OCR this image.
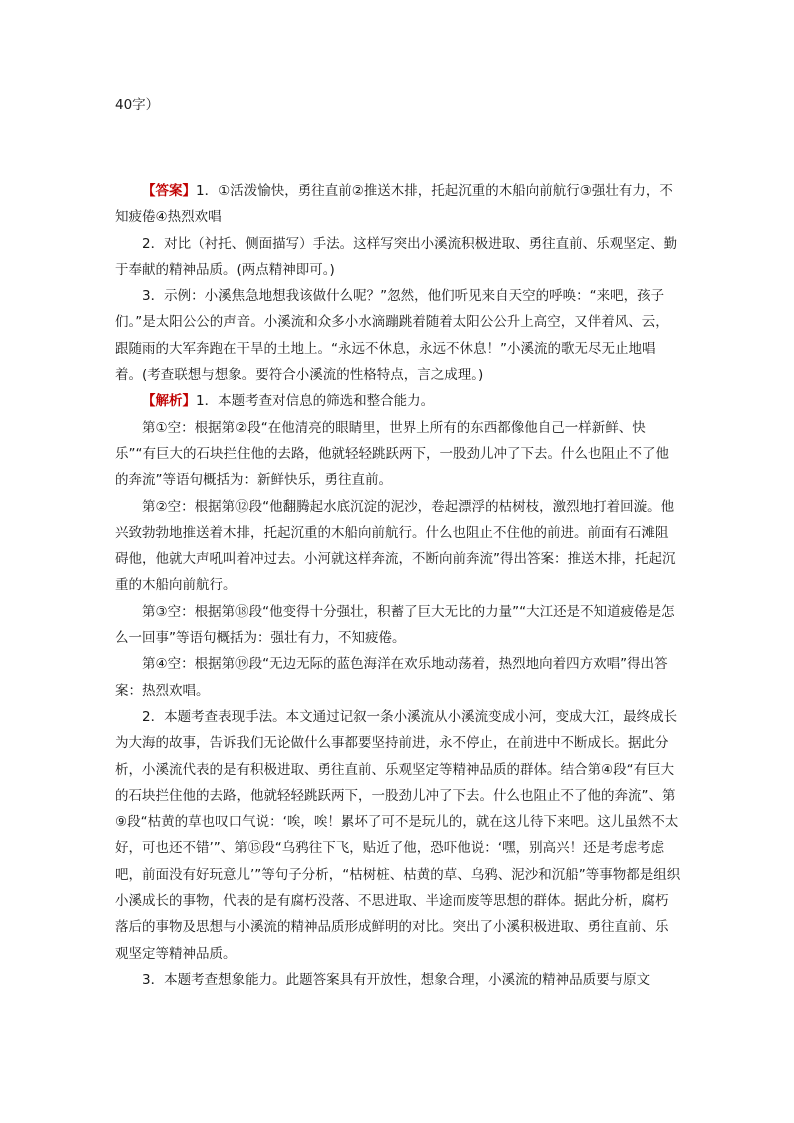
40字）

【答案】1．①活泼愉快，勇往直前②推送木排，托起沉重的木船向前航行③强壮有力，不知疲倦④热烈欢唱

2．对比（衬托、侧面描写）手法。这样写突出小溪流积极进取、勇往直前、乐观坚定、勤于奉献的精神品质。(两点精神即可。)

3．示例：小溪焦急地想我该做什么呢？”忽然，他们听见来自天空的呼唤：“来吧，孩子们。”是太阳公公的声音。小溪流和众多小水滴蹦跳着随着太阳公公升上高空，又伴着风、云，跟随雨的大军奔跑在干旱的土地上。“永远不休息，永远不休息！”小溪流的歌无尽无止地唱着。(考查联想与想象。要符合小溪流的性格特点，言之成理。)

【解析】1．本题考查对信息的筛选和整合能力。

第①空：根据第②段“在他清亮的眼睛里，世界上所有的东西都像他自己一样新鲜、快乐”“有巨大的石块拦住他的去路，他就轻轻跳跃两下，一股劲儿冲了下去。什么也阻止不了他的奔流”等语句概括为：新鲜快乐，勇往直前。

第②空：根据第⑫段“他翻腾起水底沉淀的泥沙，卷起漂浮的枯树枝，激烈地打着回漩。他兴致勃勃地推送着木排，托起沉重的木船向前航行。什么也阻止不住他的前进。前面有石滩阻碍他，他就大声吼叫着冲过去。小河就这样奔流，不断向前奔流”得出答案：推送木排，托起沉重的木船向前航行。

第③空：根据第⑱段“他变得十分强壮，积蓄了巨大无比的力量”“大江还是不知道疲倦是怎么一回事”等语句概括为：强壮有力，不知疲倦。

第④空：根据第⑲段“无边无际的蓝色海洋在欢乐地动荡着，热烈地向着四方欢唱”得出答案：热烈欢唱。

2．本题考查表现手法。本文通过记叙一条小溪流从小溪流变成小河，变成大江，最终成长为大海的故事，告诉我们无论做什么事都要坚持前进，永不停止，在前进中不断成长。据此分析，小溪流代表的是有积极进取、勇往直前、乐观坚定等精神品质的群体。结合第④段“有巨大的石块拦住他的去路，他就轻轻跳跃两下，一股劲儿冲了下去。什么也阻止不了他的奔流”、第⑨段“枯黄的草也叹口气说：‘唉，唉！累坏了可不是玩儿的，就在这儿待下来吧。这儿虽然不太好，可也还不错’”、第⑮段“乌鸦往下飞，贴近了他，恐吓他说：‘嘿，别高兴！还是考虑考虑吧，前面没有好玩意儿’”等句子分析，“枯树桩、枯黄的草、乌鸦、泥沙和沉船”等事物都是组织小溪成长的事物，代表的是有腐朽没落、不思进取、半途而废等思想的群体。据此分析，腐朽落后的事物及思想与小溪流的精神品质形成鲜明的对比。突出了小溪积极进取、勇往直前、乐观坚定等精神品质。

3．本题考查想象能力。此题答案具有开放性，想象合理，小溪流的精神品质要与原文
